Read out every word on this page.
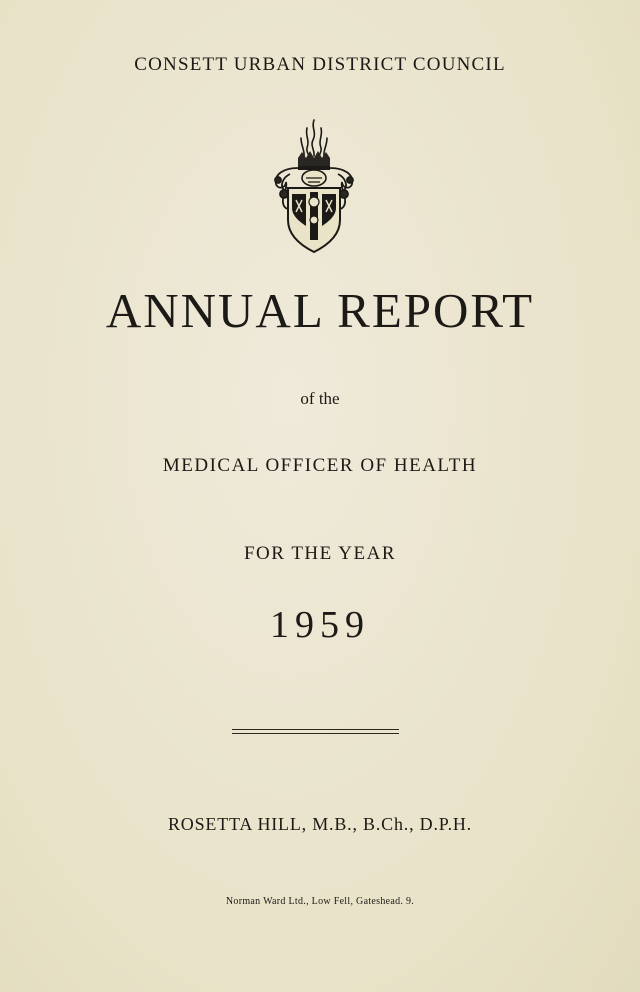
CONSETT URBAN DISTRICT COUNCIL
ANNUAL REPORT
of the
MEDICAL OFFICER OF HEALTH
FOR THE YEAR
1959
ROSETTA HILL, M.B., B.Ch., D.P.H.
Norman Ward Ltd., Low Fell, Gateshead. 9.
